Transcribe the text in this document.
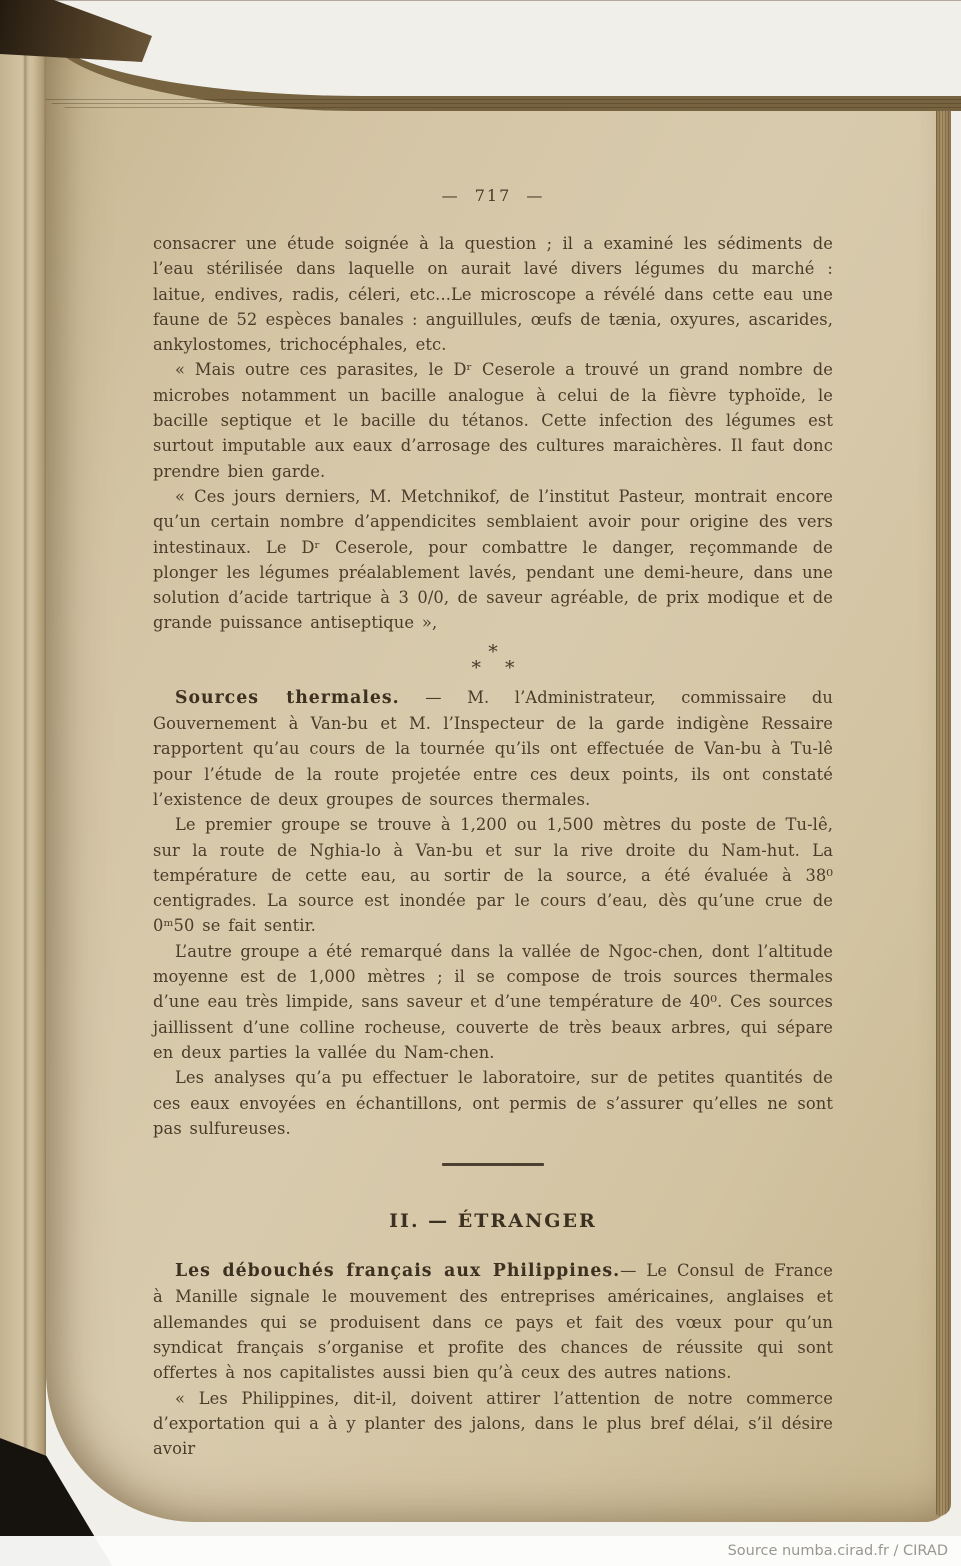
— 717 —

consacrer une étude soignée à la question ; il a examiné les sédiments de l’eau stérilisée dans laquelle on aurait lavé divers légumes du marché : laitue, endives, radis, céleri, etc...Le microscope a révélé dans cette eau une faune de 52 espèces banales : anguillules, œufs de tænia, oxyures, ascarides, ankylostomes, trichocéphales, etc.

« Mais outre ces parasites, le Dʳ Ceserole a trouvé un grand nombre de microbes notamment un bacille analogue à celui de la fièvre typhoïde, le bacille septique et le bacille du tétanos. Cette infection des légumes est surtout imputable aux eaux d’arrosage des cultures maraichères. Il faut donc prendre bien garde.

« Ces jours derniers, M. Metchnikof, de l’institut Pasteur, montrait encore qu’un certain nombre d’appendicites semblaient avoir pour origine des vers intestinaux. Le Dʳ Ceserole, pour combattre le danger, reçommande de plonger les légumes préalablement lavés, pendant une demi-heure, dans une solution d’acide tartrique à 3 0/0, de saveur agréable, de prix modique et de grande puissance antiseptique »,

*
* *

Sources thermales. — M. l’Administrateur, commissaire du Gouvernement à Van-bu et M. l’Inspecteur de la garde indigène Ressaire rapportent qu’au cours de la tournée qu’ils ont effectuée de Van-bu à Tu-lê pour l’étude de la route projetée entre ces deux points, ils ont constaté l’existence de deux groupes de sources thermales.

Le premier groupe se trouve à 1,200 ou 1,500 mètres du poste de Tu-lê, sur la route de Nghia-lo à Van-bu et sur la rive droite du Nam-hut. La température de cette eau, au sortir de la source, a été évaluée à 38⁰ centigrades. La source est inondée par le cours d’eau, dès qu’une crue de 0ᵐ50 se fait sentir.

L’autre groupe a été remarqué dans la vallée de Ngoc-chen, dont l’altitude moyenne est de 1,000 mètres ; il se compose de trois sources thermales d’une eau très limpide, sans saveur et d’une température de 40⁰. Ces sources jaillissent d’une colline rocheuse, couverte de très beaux arbres, qui sépare en deux parties la vallée du Nam-chen.

Les analyses qu’a pu effectuer le laboratoire, sur de petites quantités de ces eaux envoyées en échantillons, ont permis de s’assurer qu’elles ne sont pas sulfureuses.

II. — ÉTRANGER

Les débouchés français aux Philippines.— Le Consul de France à Manille signale le mouvement des entreprises américaines, anglaises et allemandes qui se produisent dans ce pays et fait des vœux pour qu’un syndicat français s’organise et profite des chances de réussite qui sont offertes à nos capitalistes aussi bien qu’à ceux des autres nations.

« Les Philippines, dit-il, doivent attirer l’attention de notre commerce d’exportation qui a à y planter des jalons, dans le plus bref délai, s’il désire avoir

Source numba.cirad.fr / CIRAD
